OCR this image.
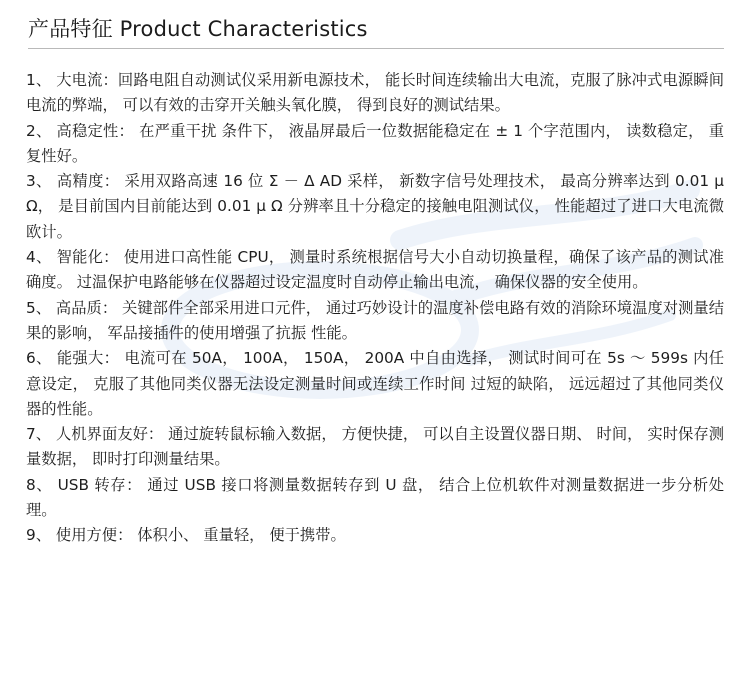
产品特征 Product Characteristics
1、 大电流：回路电阻自动测试仪采用新电源技术， 能长时间连续输出大电流，克服了脉冲式电源瞬间电流的弊端， 可以有效的击穿开关触头氧化膜， 得到良好的测试结果。
2、 高稳定性： 在严重干扰 条件下， 液晶屏最后一位数据能稳定在 ± 1 个字范围内， 读数稳定， 重复性好。
3、 高精度： 采用双路高速 16 位 Σ － Δ AD 采样， 新数字信号处理技术， 最高分辨率达到 0.01 μ Ω， 是目前国内目前能达到 0.01 μ Ω 分辨率且十分稳定的接触电阻测试仪， 性能超过了进口大电流微欧计。
4、 智能化： 使用进口高性能 CPU， 测量时系统根据信号大小自动切换量程，确保了该产品的测试准确度。 过温保护电路能够在仪器超过设定温度时自动停止输出电流， 确保仪器的安全使用。
5、 高品质： 关键部件全部采用进口元件， 通过巧妙设计的温度补偿电路有效的消除环境温度对测量结果的影响， 军品接插件的使用增强了抗振 性能。
6、 能强大： 电流可在 50A， 100A， 150A， 200A 中自由选择， 测试时间可在 5s ～ 599s 内任意设定， 克服了其他同类仪器无法设定测量时间或连续工作时间 过短的缺陷， 远远超过了其他同类仪器的性能。
7、 人机界面友好： 通过旋转鼠标输入数据， 方便快捷， 可以自主设置仪器日期、 时间， 实时保存测量数据， 即时打印测量结果。
8、 USB 转存： 通过 USB 接口将测量数据转存到 U 盘， 结合上位机软件对测量数据进一步分析处理。
9、 使用方便： 体积小、 重量轻， 便于携带。
